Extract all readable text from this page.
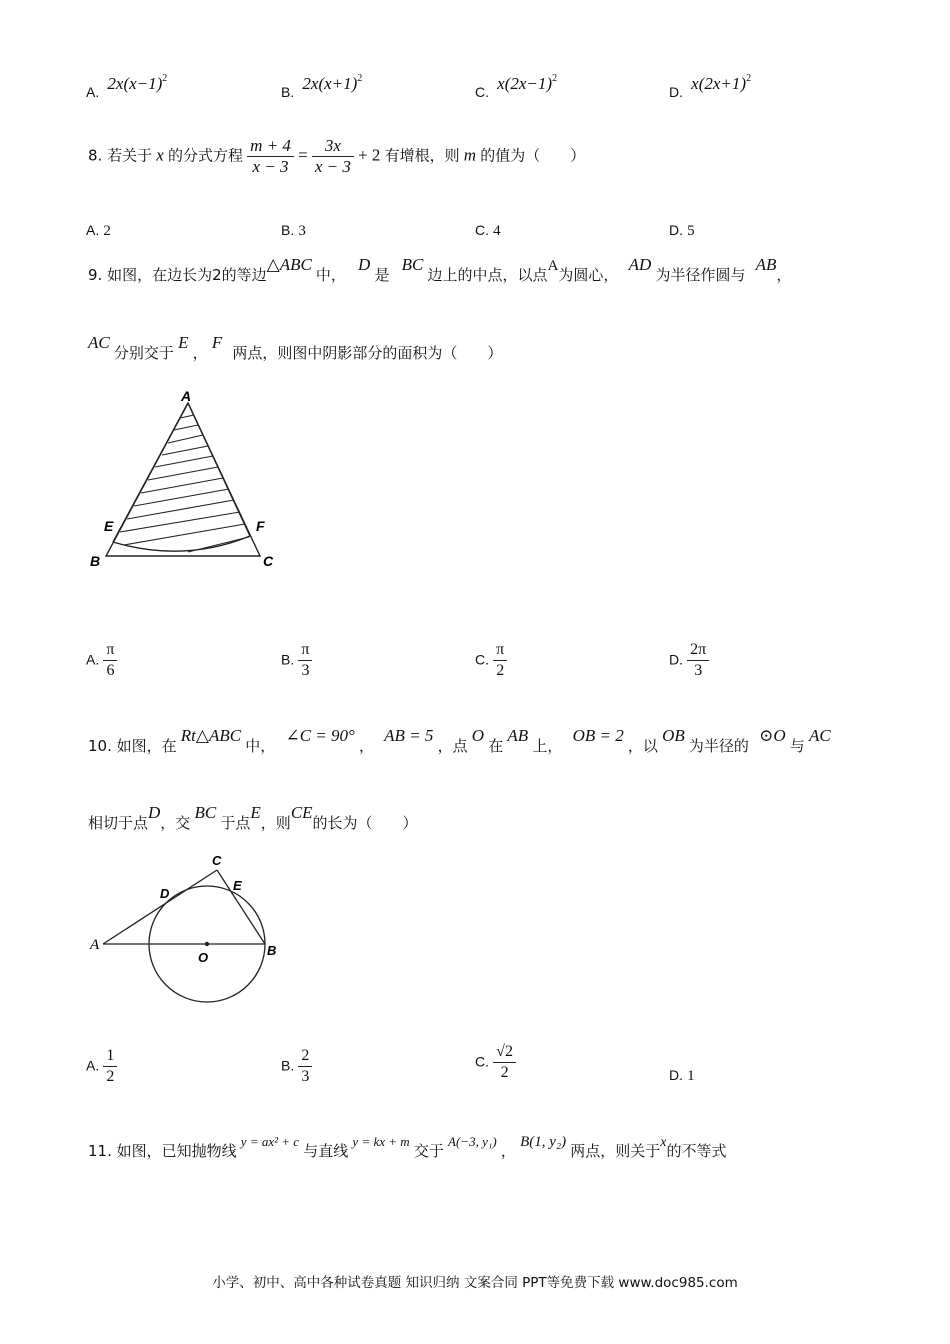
A. $2x(x-1)^2$
B. $2x(x+1)^2$
C. $x(2x-1)^2$
D. $x(2x+1)^2$
8. 若关于 x 的分式方程 $\frac{m + 4}{x - 3} = \frac{3x}{x - 3} + 2$ 有增根，则 m 的值为（　　）
A. 2	B. 3	C. 4	D. 5
9. 如图，在边长为2的等边△ABC中， D 是 BC 边上的中点，以点A为圆心， AD 为半径作圆与 AB，
AC 分别交于 E ， F 两点，则图中阴影部分的面积为（　　）
A
E	F
B	C
A. $\frac{\pi}{6}$	B. $\frac{\pi}{3}$	C. $\frac{\pi}{2}$	D. $\frac{2\pi}{3}$
10. 如图，在 Rt△ABC 中， ∠C = 90° ， AB = 5 ，点 O 在 AB 上， OB = 2 ，以 OB 为半径的 ⊙O 与 AC
相切于点D，交 BC 于点E，则CE的长为（　　）
A	B
C
D
E
O
A. $\frac{1}{2}$	B. $\frac{2}{3}$	C. $\frac{√2}{2}$	D. 1
11. 如图，已知抛物线 y = ax² + c 与直线 y = kx + m 交于 A(−3, y₁) ， B(1, y₂) 两点，则关于x的不等式
小学、初中、高中各种试卷真题 知识归纳 文案合同 PPT等免费下载 www.doc985.com
